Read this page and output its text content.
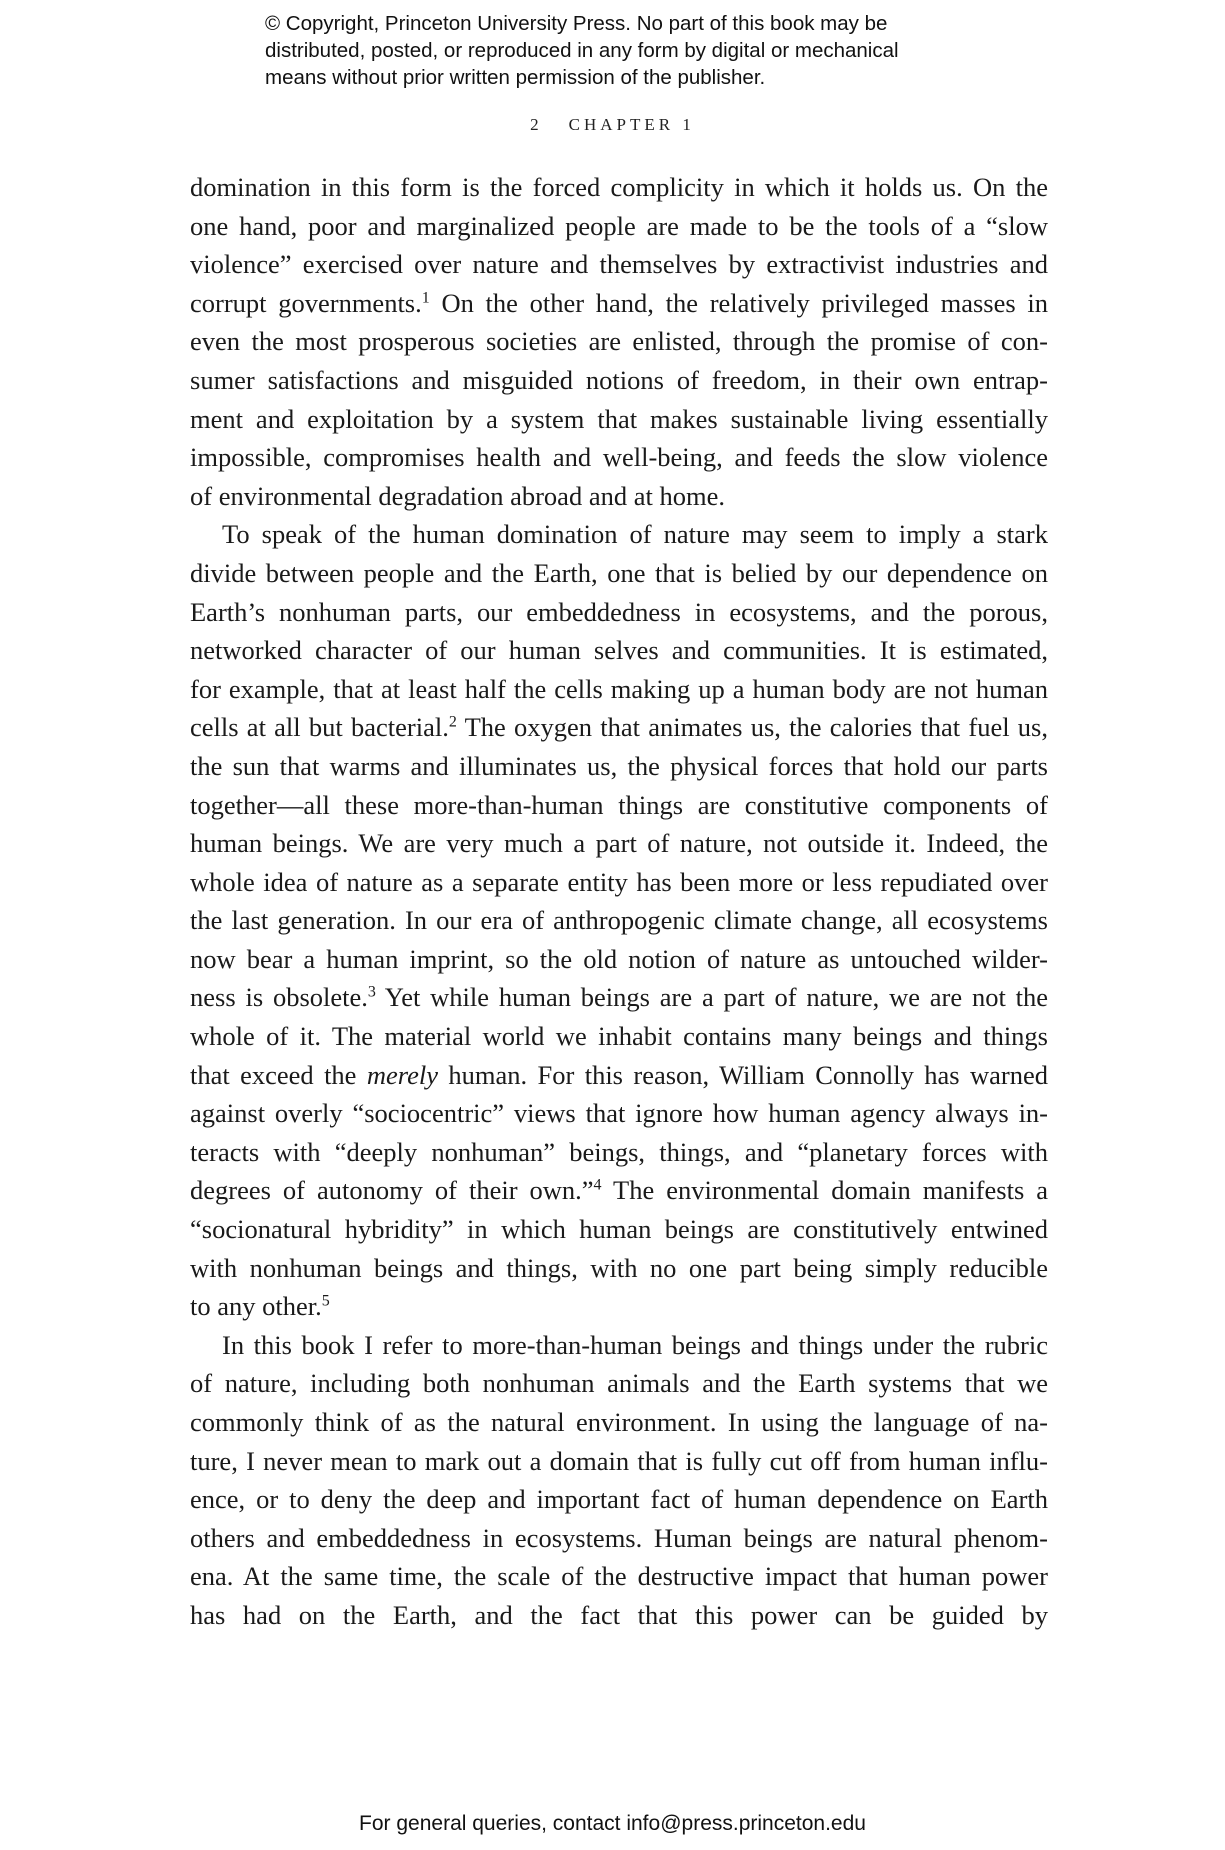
© Copyright, Princeton University Press. No part of this book may be
distributed, posted, or reproduced in any form by digital or mechanical
means without prior written permission of the publisher.
2 CHAPTER 1
domination in this form is the forced complicity in which it holds us. On the
one hand, poor and marginalized people are made to be the tools of a “slow
violence” exercised over nature and themselves by extractivist industries and
corrupt governments.$^1$ On the other hand, the relatively privileged masses in
even the most prosperous societies are enlisted, through the promise of con-
sumer satisfactions and misguided notions of freedom, in their own entrap-
ment and exploitation by a system that makes sustainable living essentially
impossible, compromises health and well-being, and feeds the slow violence
of environmental degradation abroad and at home.
To speak of the human domination of nature may seem to imply a stark
divide between people and the Earth, one that is belied by our dependence on
Earth’s nonhuman parts, our embeddedness in ecosystems, and the porous,
networked character of our human selves and communities. It is estimated,
for example, that at least half the cells making up a human body are not human
cells at all but bacterial.$^2$ The oxygen that animates us, the calories that fuel us,
the sun that warms and illuminates us, the physical forces that hold our parts
together—all these more-than-human things are constitutive components of
human beings. We are very much a part of nature, not outside it. Indeed, the
whole idea of nature as a separate entity has been more or less repudiated over
the last generation. In our era of anthropogenic climate change, all ecosystems
now bear a human imprint, so the old notion of nature as untouched wilder-
ness is obsolete.$^3$ Yet while human beings are a part of nature, we are not the
whole of it. The material world we inhabit contains many beings and things
that exceed the merely human. For this reason, William Connolly has warned
against overly “sociocentric” views that ignore how human agency always in-
teracts with “deeply nonhuman” beings, things, and “planetary forces with
degrees of autonomy of their own.”$^4$ The environmental domain manifests a
“socionatural hybridity” in which human beings are constitutively entwined
with nonhuman beings and things, with no one part being simply reducible
to any other.$^5$
In this book I refer to more-than-human beings and things under the rubric
of nature, including both nonhuman animals and the Earth systems that we
commonly think of as the natural environment. In using the language of na-
ture, I never mean to mark out a domain that is fully cut off from human influ-
ence, or to deny the deep and important fact of human dependence on Earth
others and embeddedness in ecosystems. Human beings are natural phenom-
ena. At the same time, the scale of the destructive impact that human power
has had on the Earth, and the fact that this power can be guided by
For general queries, contact info@press.princeton.edu
